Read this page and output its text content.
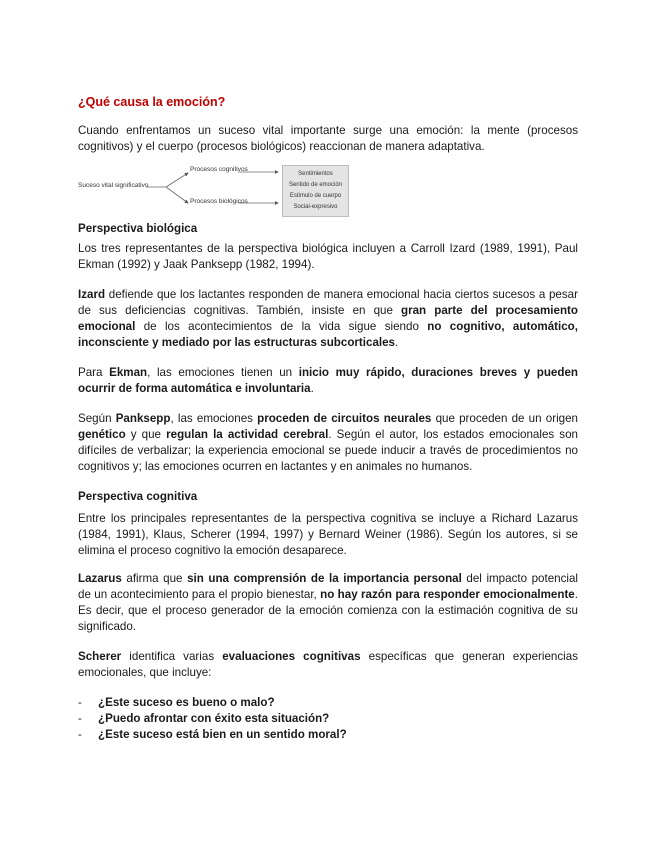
¿Qué causa la emoción?

Cuando enfrentamos un suceso vital importante surge una emoción: la mente (procesos cognitivos) y el cuerpo (procesos biológicos) reaccionan de manera adaptativa.

Suceso vital significativo
Procesos cognitivos
Procesos biológicos
Sentimientos
Sentido de emoción
Estimulo de cuerpo
Social-expresivo
Perspectiva biológica

Los tres representantes de la perspectiva biológica incluyen a Carroll Izard (1989, 1991), Paul Ekman (1992) y Jaak Panksepp (1982, 1994).

Izard defiende que los lactantes responden de manera emocional hacia ciertos sucesos a pesar de sus deficiencias cognitivas. También, insiste en que gran parte del procesamiento emocional de los acontecimientos de la vida sigue siendo no cognitivo, automático, inconsciente y mediado por las estructuras subcorticales.

Para Ekman, las emociones tienen un inicio muy rápido, duraciones breves y pueden ocurrir de forma automática e involuntaria.

Según Panksepp, las emociones proceden de circuitos neurales que proceden de un origen genético y que regulan la actividad cerebral. Según el autor, los estados emocionales son difíciles de verbalizar; la experiencia emocional se puede inducir a través de procedimientos no cognitivos y; las emociones ocurren en lactantes y en animales no humanos.

Perspectiva cognitiva

Entre los principales representantes de la perspectiva cognitiva se incluye a Richard Lazarus (1984, 1991), Klaus, Scherer (1994, 1997) y Bernard Weiner (1986). Según los autores, si se elimina el proceso cognitivo la emoción desaparece.

Lazarus afirma que sin una comprensión de la importancia personal del impacto potencial de un acontecimiento para el propio bienestar, no hay razón para responder emocionalmente. Es decir, que el proceso generador de la emoción comienza con la estimación cognitiva de su significado.

Scherer identifica varias evaluaciones cognitivas específicas que generan experiencias emocionales, que incluye:

- ¿Este suceso es bueno o malo?
- ¿Puedo afrontar con éxito esta situación?
- ¿Este suceso está bien en un sentido moral?
